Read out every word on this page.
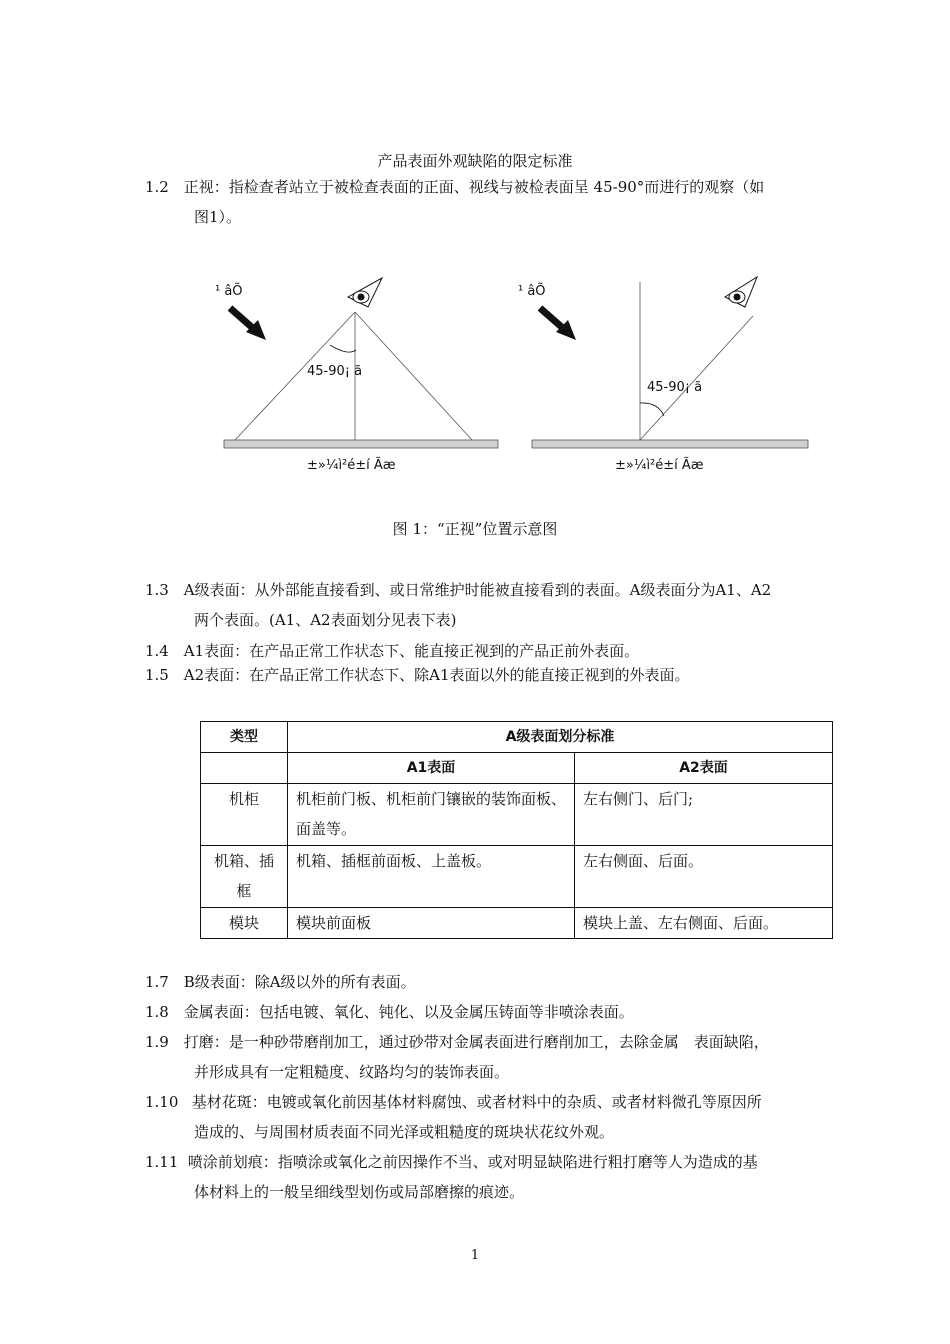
产品表面外观缺陷的限定标准
1.2 正视：指检查者站立于被检查表面的正面、视线与被检表面呈 45-90°而进行的观察（如
图1）。
¹ âÕ
45-90¡ ã
±»¼ì²é±í Ãæ
¹ âÕ
45-90¡ ã
±»¼ì²é±í Ãæ
图 1：“正视”位置示意图
1.3 A级表面：从外部能直接看到、或日常维护时能被直接看到的表面。A级表面分为A1、A2
两个表面。(A1、A2表面划分见表下表)
1.4 A1表面：在产品正常工作状态下、能直接正视到的产品正前外表面。
1.5 A2表面：在产品正常工作状态下、除A1表面以外的能直接正视到的外表面。
类型	A级表面划分标准	
	A1表面	A2表面
机柜	机柜前门板、机柜前门镶嵌的装饰面板、面盖等。	左右侧门、后门;
机箱、插框	机箱、插框前面板、上盖板。	左右侧面、后面。
模块	模块前面板	模块上盖、左右侧面、后面。
1.7 B级表面：除A级以外的所有表面。
1.8 金属表面：包括电镀、氧化、钝化、以及金属压铸面等非喷涂表面。
1.9 打磨：是一种砂带磨削加工，通过砂带对金属表面进行磨削加工，去除金属　表面缺陷，
并形成具有一定粗糙度、纹路均匀的装饰表面。
1.10 基材花斑：电镀或氧化前因基体材料腐蚀、或者材料中的杂质、或者材料微孔等原因所
造成的、与周围材质表面不同光泽或粗糙度的斑块状花纹外观。
1.11 喷涂前划痕：指喷涂或氧化之前因操作不当、或对明显缺陷进行粗打磨等人为造成的基
体材料上的一般呈细线型划伤或局部磨擦的痕迹。
1
